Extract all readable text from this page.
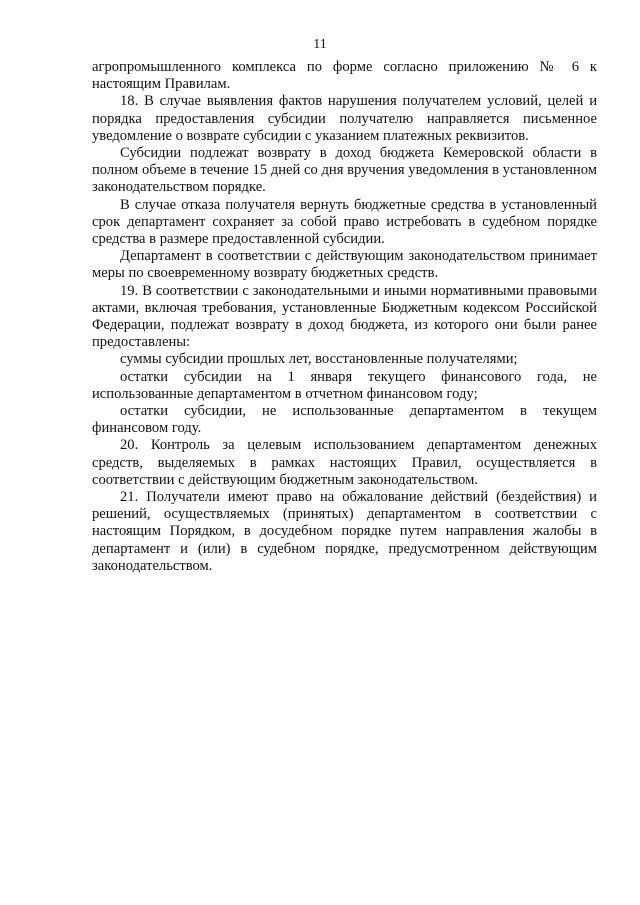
11

агропромышленного комплекса по форме согласно приложению № 6 к настоящим Правилам.

18. В случае выявления фактов нарушения получателем условий, целей и порядка предоставления субсидии получателю направляется письменное уведомление о возврате субсидии с указанием платежных реквизитов.

Субсидии подлежат возврату в доход бюджета Кемеровской области в полном объеме в течение 15 дней со дня вручения уведомления в установленном законодательством порядке.

В случае отказа получателя вернуть бюджетные средства в установленный срок департамент сохраняет за собой право истребовать в судебном порядке средства в размере предоставленной субсидии.

Департамент в соответствии с действующим законодательством принимает меры по своевременному возврату бюджетных средств.

19. В соответствии с законодательными и иными нормативными правовыми актами, включая требования, установленные Бюджетным кодексом Российской Федерации, подлежат возврату в доход бюджета, из которого они были ранее предоставлены:

суммы субсидии прошлых лет, восстановленные получателями;

остатки субсидии на 1 января текущего финансового года, не использованные департаментом в отчетном финансовом году;

остатки субсидии, не использованные департаментом в текущем финансовом году.

20. Контроль за целевым использованием департаментом денежных средств, выделяемых в рамках настоящих Правил, осуществляется в соответствии с действующим бюджетным законодательством.

21. Получатели имеют право на обжалование действий (бездействия) и решений, осуществляемых (принятых) департаментом в соответствии с настоящим Порядком, в досудебном порядке путем направления жалобы в департамент и (или) в судебном порядке, предусмотренном действующим законодательством.
